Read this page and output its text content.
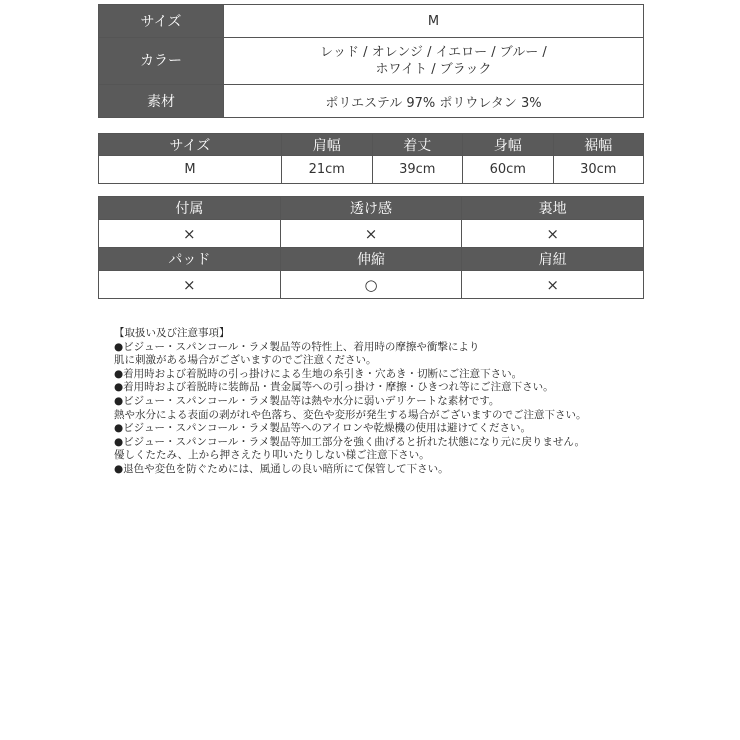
サイズ	M
カラー	レッド / オレンジ / イエロー / ブルー /
ホワイト / ブラック

素材	ポリエステル 97% ポリウレタン 3%
サイズ	肩幅	着丈	身幅	裾幅
M	21cm	39cm	60cm	30cm
付属	透け感	裏地
×	×	×
パッド	伸縮	肩紐
×	○	×
【取扱い及び注意事項】
●ビジュー・スパンコール・ラメ製品等の特性上、着用時の摩擦や衝撃により
肌に刺激がある場合がございますのでご注意ください。
●着用時および着脱時の引っ掛けによる生地の糸引き・穴あき・切断にご注意下さい。
●着用時および着脱時に装飾品・貴金属等への引っ掛け・摩擦・ひきつれ等にご注意下さい。
●ビジュー・スパンコール・ラメ製品等は熱や水分に弱いデリケートな素材です。
熱や水分による表面の剥がれや色落ち、変色や変形が発生する場合がございますのでご注意下さい。
●ビジュー・スパンコール・ラメ製品等へのアイロンや乾燥機の使用は避けてください。
●ビジュー・スパンコール・ラメ製品等加工部分を強く曲げると折れた状態になり元に戻りません。
優しくたたみ、上から押さえたり叩いたりしない様ご注意下さい。
●退色や変色を防ぐためには、風通しの良い暗所にて保管して下さい。
